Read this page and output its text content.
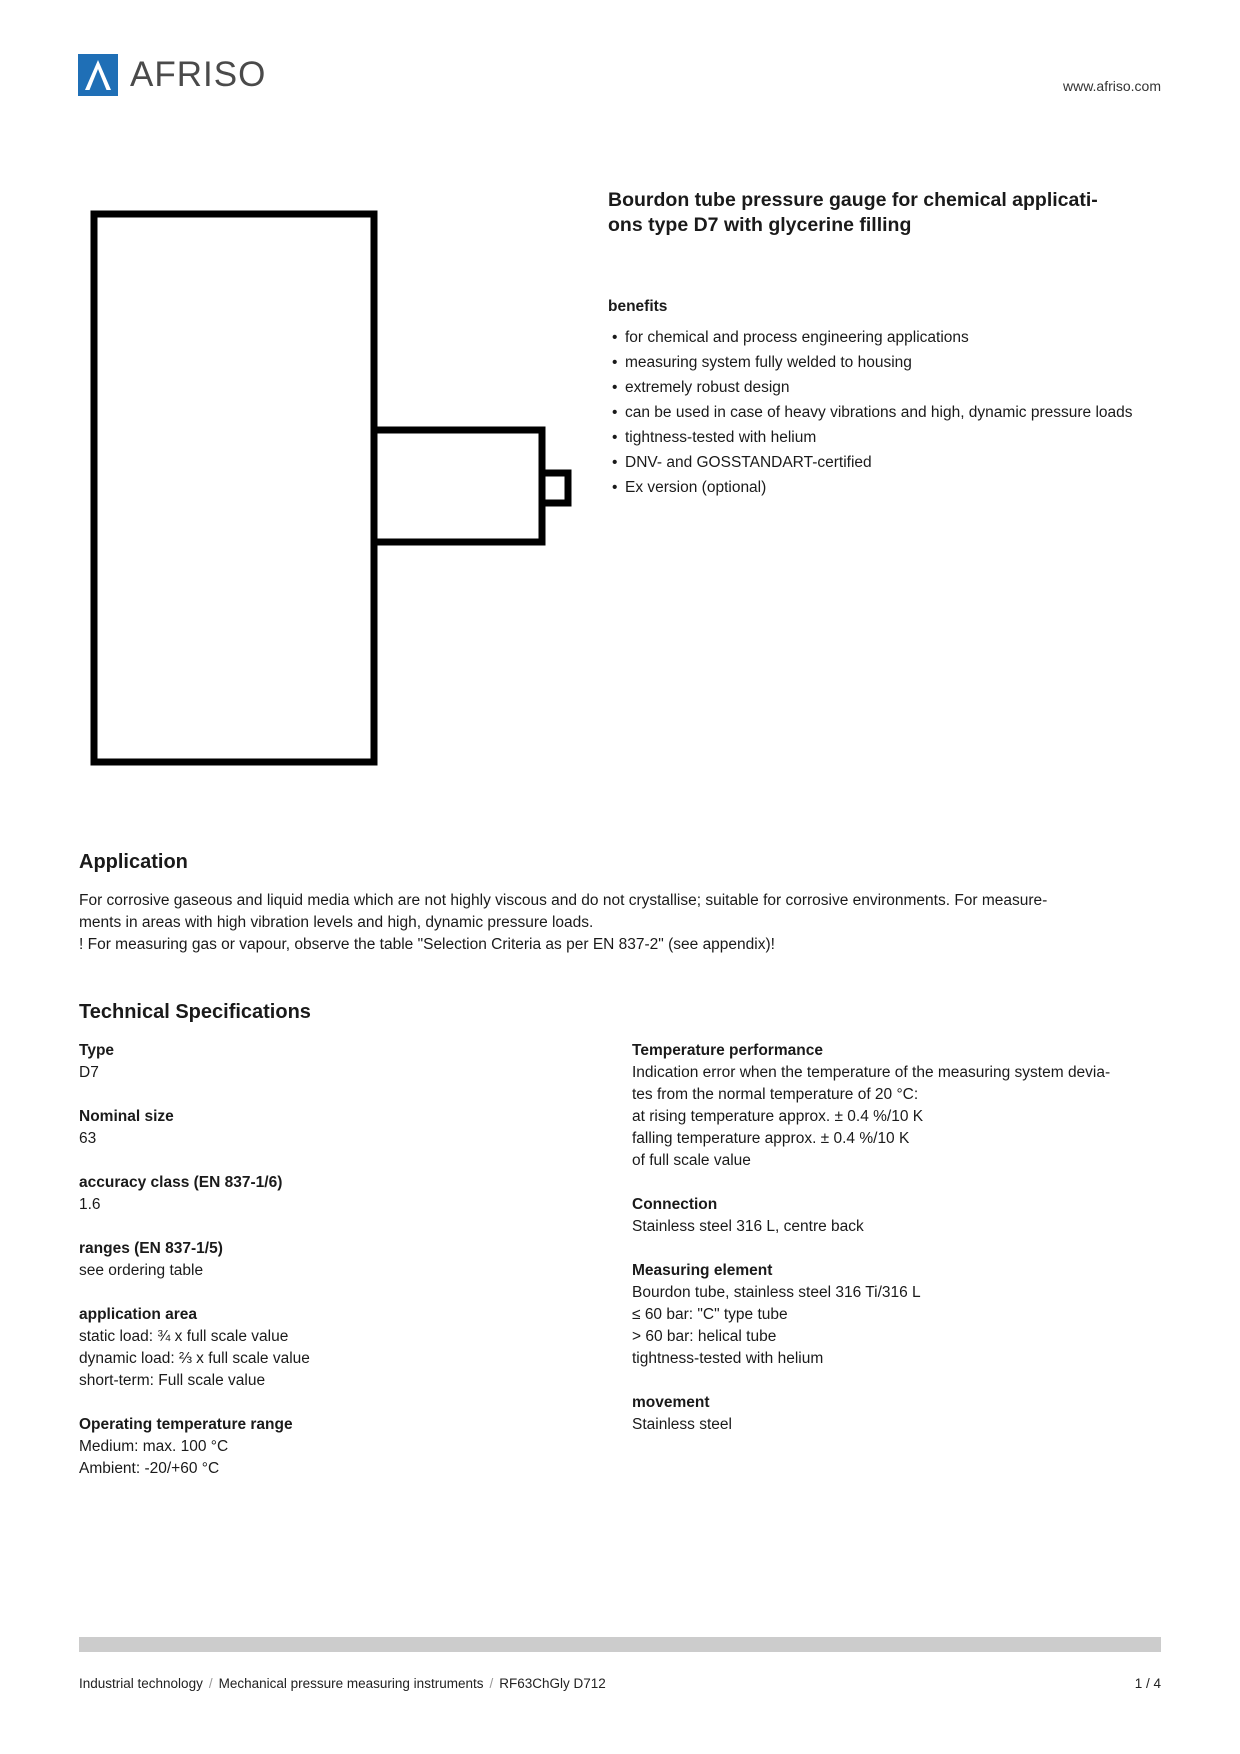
AFRISO	www.afriso.com
Bourdon tube pressure gauge for chemical applicati-
ons type D7 with glycerine filling
benefits
• for chemical and process engineering applications
• measuring system fully welded to housing
• extremely robust design
• can be used in case of heavy vibrations and high, dynamic pressure loads
• tightness-tested with helium
• DNV- and GOSSTANDART-certified
• Ex version (optional)
Application

For corrosive gaseous and liquid media which are not highly viscous and do not crystallise; suitable for corrosive environments. For measure-

ments in areas with high vibration levels and high, dynamic pressure loads.

! For measuring gas or vapour, observe the table "Selection Criteria as per EN 837-2" (see appendix)!

Technical Specifications
Type
D7
Nominal size
63
accuracy class (EN 837-1/6)
1.6
ranges (EN 837-1/5)
see ordering table
application area
static load: ¾ x full scale value
dynamic load: ⅔ x full scale value
short-term: Full scale value
Operating temperature range
Medium: max. 100 °C
Ambient: -20/+60 °C
Temperature performance
Indication error when the temperature of the measuring system devia-
tes from the normal temperature of 20 °C:
at rising temperature approx. ± 0.4 %/10 K
falling temperature approx. ± 0.4 %/10 K
of full scale value
Connection
Stainless steel 316 L, centre back
Measuring element
Bourdon tube, stainless steel 316 Ti/316 L
≤ 60 bar: "C" type tube
> 60 bar: helical tube
tightness-tested with helium
movement
Stainless steel
Industrial technology / Mechanical pressure measuring instruments / RF63ChGly D712	1 / 4
